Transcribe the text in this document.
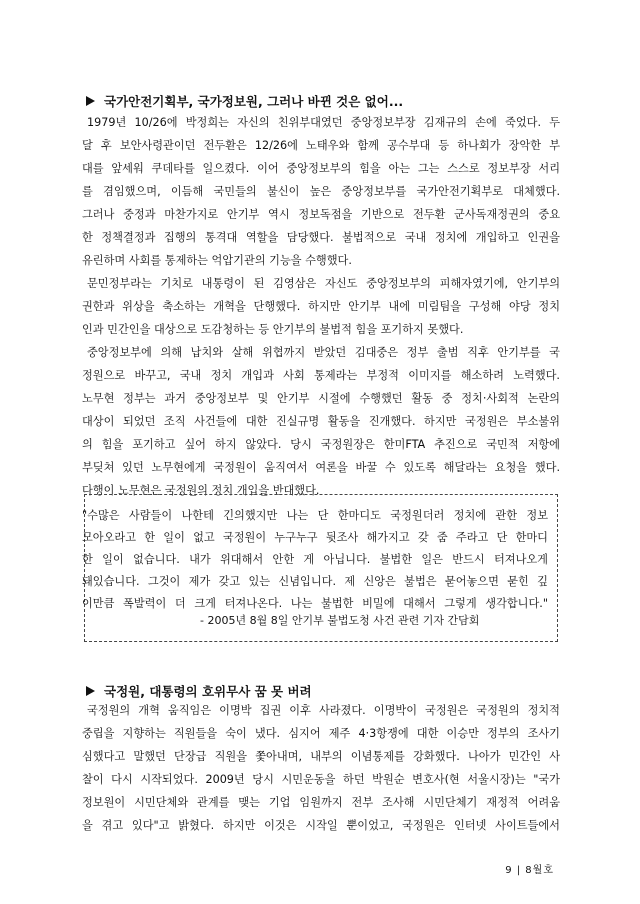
국가안전기획부, 국가정보원, 그러나 바뀐 것은 없어...
1979년 10/26에 박정희는 자신의 친위부대였던 중앙정보부장 김재규의 손에 죽었다. 두
달 후 보안사령관이던 전두환은 12/26에 노태우와 함께 공수부대 등 하나회가 장악한 부
대를 앞세워 쿠데타를 일으켰다. 이어 중앙정보부의 힘을 아는 그는 스스로 정보부장 서리
를 겸임했으며, 이듬해 국민들의 불신이 높은 중앙정보부를 국가안전기획부로 대체했다.
그러나 중정과 마찬가지로 안기부 역시 정보독점을 기반으로 전두환 군사독재정권의 중요
한 정책결정과 집행의 통격대 역할을 담당했다. 불법적으로 국내 정치에 개입하고 인권을
유린하며 사회를 통제하는 억압기관의 기능을 수행했다.
문민정부라는 기치로 내통령이 된 김영삼은 자신도 중앙정보부의 피해자였기에, 안기부의
권한과 위상을 축소하는 개혁을 단행했다. 하지만 안기부 내에 미림팀을 구성해 야당 정치
인과 민간인을 대상으로 도감청하는 등 안기부의 불법적 힘을 포기하지 못했다.
중앙정보부에 의해 납치와 살해 위협까지 받았던 김대중은 정부 출범 직후 안기부를 국
정원으로 바꾸고, 국내 정치 개입과 사회 통제라는 부정적 이미지를 해소하려 노력했다.
노무현 정부는 과거 중앙정보부 및 안기부 시절에 수행했던 활동 중 정치·사회적 논란의
대상이 되었던 조직 사건들에 대한 진실규명 활동을 진개했다. 하지만 국정원은 부소불위
의 힘을 포기하고 싶어 하지 않았다. 당시 국정원장은 한미FTA 추진으로 국민적 저항에
부딪쳐 있던 노무현에게 국정원이 움직여서 여론을 바꿀 수 있도록 해달라는 요청을 했다.
다행이 노무현은 국정원의 정치 개입을 반대했다.
"수많은 사람들이 나한테 긴의했지만 나는 단 한마디도 국정원더러 정치에 관한 정보
모아오라고 한 일이 없고 국정원이 누구누구 뒷조사 해가지고 갖 줌 주라고 단 한마디
한 일이 없습니다. 내가 위대해서 안한 게 아닙니다. 불법한 일은 반드시 터져나오게
돼있습니다. 그것이 제가 갖고 있는 신념입니다. 제 신앙은 불법은 묻어놓으면 묻힌 깊
이만큼 폭발력이 더 크게 터져나온다. 나는 불법한 비밀에 대해서 그렇게 생각합니다."
- 2005년 8월 8일 안기부 불법도청 사건 관련 기자 간담회
국정원, 대통령의 호위무사 꿈 못 버려
국정원의 개혁 움직임은 이명박 집권 이후 사라졌다. 이명박이 국정원은 국정원의 정치적
중립을 지향하는 직원들을 숙이 냈다. 심지어 제주 4·3항쟁에 대한 이승만 정부의 조사기
심했다고 말했던 단장급 직원을 쫓아내며, 내부의 이념통제를 강화했다. 나아가 민간인 사
찰이 다시 시작되었다. 2009년 당시 시민운동을 하던 박원순 변호사(현 서울시장)는 "국가
정보원이 시민단체와 관계를 맺는 기업 임원까지 전부 조사해 시민단체기 재정적 어려움
을 겪고 있다"고 밝혔다. 하지만 이것은 시작일 뿐이었고, 국정원은 인터넷 사이트들에서
9 | 8월호
